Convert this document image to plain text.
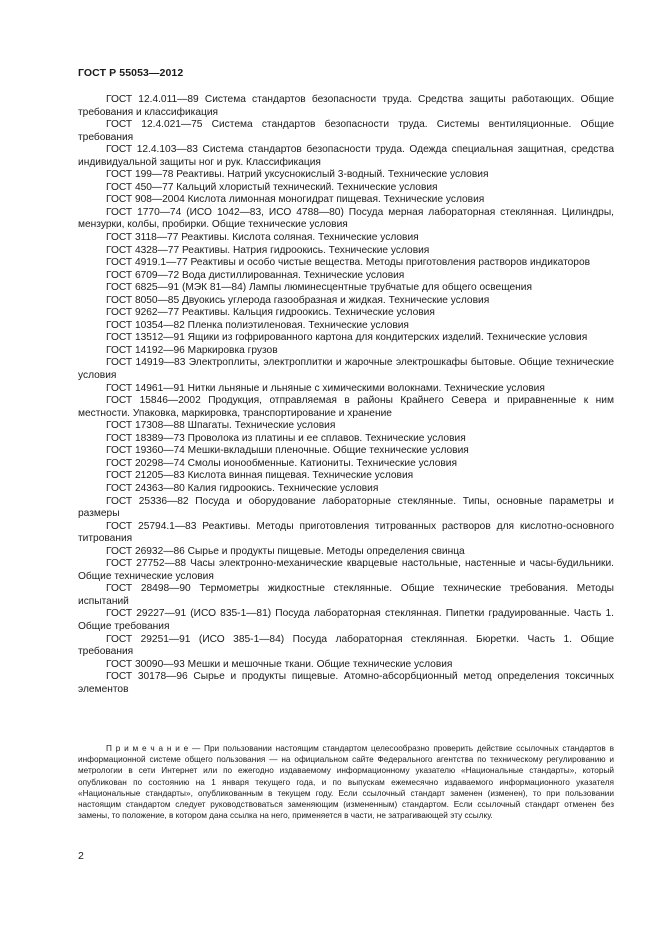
ГОСТ Р 55053—2012

ГОСТ 12.4.011—89 Система стандартов безопасности труда. Средства защиты работающих. Общие требования и классификация

ГОСТ 12.4.021—75 Система стандартов безопасности труда. Системы вентиляционные. Общие требования

ГОСТ 12.4.103—83 Система стандартов безопасности труда. Одежда специальная защитная, средства индивидуальной защиты ног и рук. Классификация

ГОСТ 199—78 Реактивы. Натрий уксуснокислый 3-водный. Технические условия

ГОСТ 450—77 Кальций хлористый технический. Технические условия

ГОСТ 908—2004 Кислота лимонная моногидрат пищевая. Технические условия

ГОСТ 1770—74 (ИСО 1042—83, ИСО 4788—80) Посуда мерная лабораторная стеклянная. Цилиндры, мензурки, колбы, пробирки. Общие технические условия

ГОСТ 3118—77 Реактивы. Кислота соляная. Технические условия

ГОСТ 4328—77 Реактивы. Натрия гидроокись. Технические условия

ГОСТ 4919.1—77 Реактивы и особо чистые вещества. Методы приготовления растворов индикаторов

ГОСТ 6709—72 Вода дистиллированная. Технические условия

ГОСТ 6825—91 (МЭК 81—84) Лампы люминесцентные трубчатые для общего освещения

ГОСТ 8050—85 Двуокись углерода газообразная и жидкая. Технические условия

ГОСТ 9262—77 Реактивы. Кальция гидроокись. Технические условия

ГОСТ 10354—82 Пленка полиэтиленовая. Технические условия

ГОСТ 13512—91 Ящики из гофрированного картона для кондитерских изделий. Технические условия

ГОСТ 14192—96 Маркировка грузов

ГОСТ 14919—83 Электроплиты, электроплитки и жарочные электрошкафы бытовые. Общие технические условия

ГОСТ 14961—91 Нитки льняные и льняные с химическими волокнами. Технические условия

ГОСТ 15846—2002 Продукция, отправляемая в районы Крайнего Севера и приравненные к ним местности. Упаковка, маркировка, транспортирование и хранение

ГОСТ 17308—88 Шпагаты. Технические условия

ГОСТ 18389—73 Проволока из платины и ее сплавов. Технические условия

ГОСТ 19360—74 Мешки-вкладыши пленочные. Общие технические условия

ГОСТ 20298—74 Смолы ионообменные. Катиониты. Технические условия

ГОСТ 21205—83 Кислота винная пищевая. Технические условия

ГОСТ 24363—80 Калия гидроокись. Технические условия

ГОСТ 25336—82 Посуда и оборудование лабораторные стеклянные. Типы, основные параметры и размеры

ГОСТ 25794.1—83 Реактивы. Методы приготовления титрованных растворов для кислотно-основного титрования

ГОСТ 26932—86 Сырье и продукты пищевые. Методы определения свинца

ГОСТ 27752—88 Часы электронно-механические кварцевые настольные, настенные и часы-будильники. Общие технические условия

ГОСТ 28498—90 Термометры жидкостные стеклянные. Общие технические требования. Методы испытаний

ГОСТ 29227—91 (ИСО 835-1—81) Посуда лабораторная стеклянная. Пипетки градуированные. Часть 1. Общие требования

ГОСТ 29251—91 (ИСО 385-1—84) Посуда лабораторная стеклянная. Бюретки. Часть 1. Общие требования

ГОСТ 30090—93 Мешки и мешочные ткани. Общие технические условия

ГОСТ 30178—96 Сырье и продукты пищевые. Атомно-абсорбционный метод определения токсичных элементов

П р и м е ч а н и е — При пользовании настоящим стандартом целесообразно проверить действие ссылочных стандартов в информационной системе общего пользования — на официальном сайте Федерального агентства по техническому регулированию и метрологии в сети Интернет или по ежегодно издаваемому информационному указателю «Национальные стандарты», который опубликован по состоянию на 1 января текущего года, и по выпускам ежемесячно издаваемого информационного указателя «Национальные стандарты», опубликованным в текущем году. Если ссылочный стандарт заменен (изменен), то при пользовании настоящим стандартом следует руководствоваться заменяющим (измененным) стандартом. Если ссылочный стандарт отменен без замены, то положение, в котором дана ссылка на него, применяется в части, не затрагивающей эту ссылку.

2
